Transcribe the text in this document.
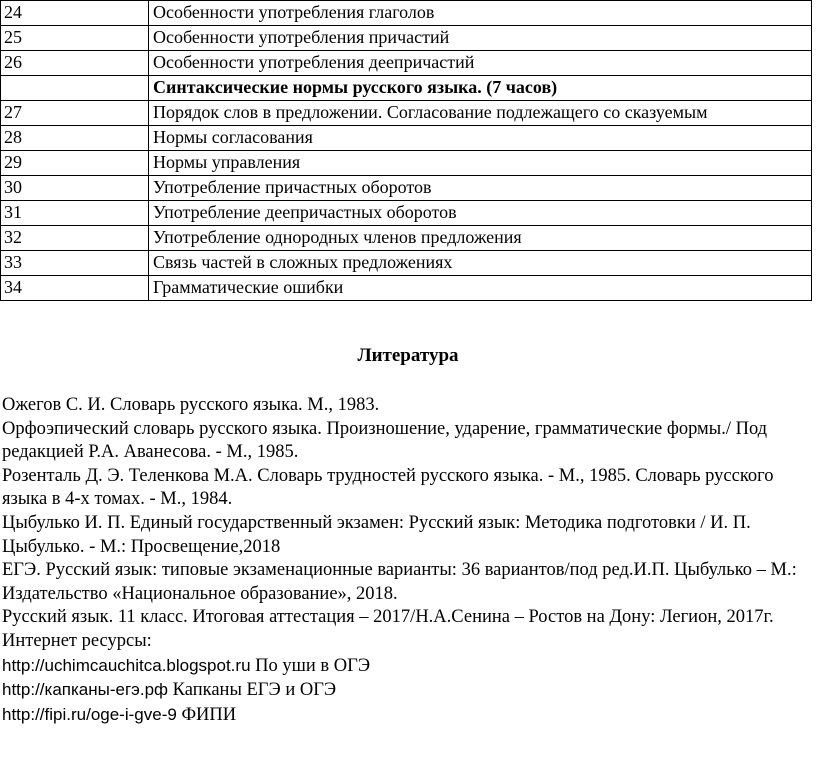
24	Особенности употребления глаголов
25	Особенности употребления причастий
26	Особенности употребления деепричастий
	Синтаксические нормы русского языка. (7 часов)
27	Порядок слов в предложении. Согласование подлежащего со сказуемым
28	Нормы согласования
29	Нормы управления
30	Употребление причастных оборотов
31	Употребление деепричастных оборотов
32	Употребление однородных членов предложения
33	Связь частей в сложных предложениях
34	Грамматические ошибки
Литература

Ожегов С. И. Словарь русского языка. М., 1983.

Орфоэпический словарь русского языка. Произношение, ударение, грамматические формы./ Под редакцией Р.А. Аванесова. - М., 1985.

Розенталь Д. Э. Теленкова М.А. Словарь трудностей русского языка. - М., 1985. Словарь русского языка в 4-х томах. - М., 1984.

Цыбулько И. П. Единый государственный экзамен: Русский язык: Методика подготовки / И. П. Цыбулько. - М.: Просвещение,2018

ЕГЭ. Русский язык: типовые экзаменационные варианты: 36 вариантов/под ред.И.П. Цыбулько – М.: Издательство «Национальное образование», 2018.

Русский язык. 11 класс. Итоговая аттестация – 2017/Н.А.Сенина – Ростов на Дону: Легион, 2017г.

Интернет ресурсы:

http://uchimcauchitca.blogspot.ru По уши в ОГЭ

http://капканы-егэ.рф Капканы ЕГЭ и ОГЭ

http://fipi.ru/oge-i-gve-9 ФИПИ
